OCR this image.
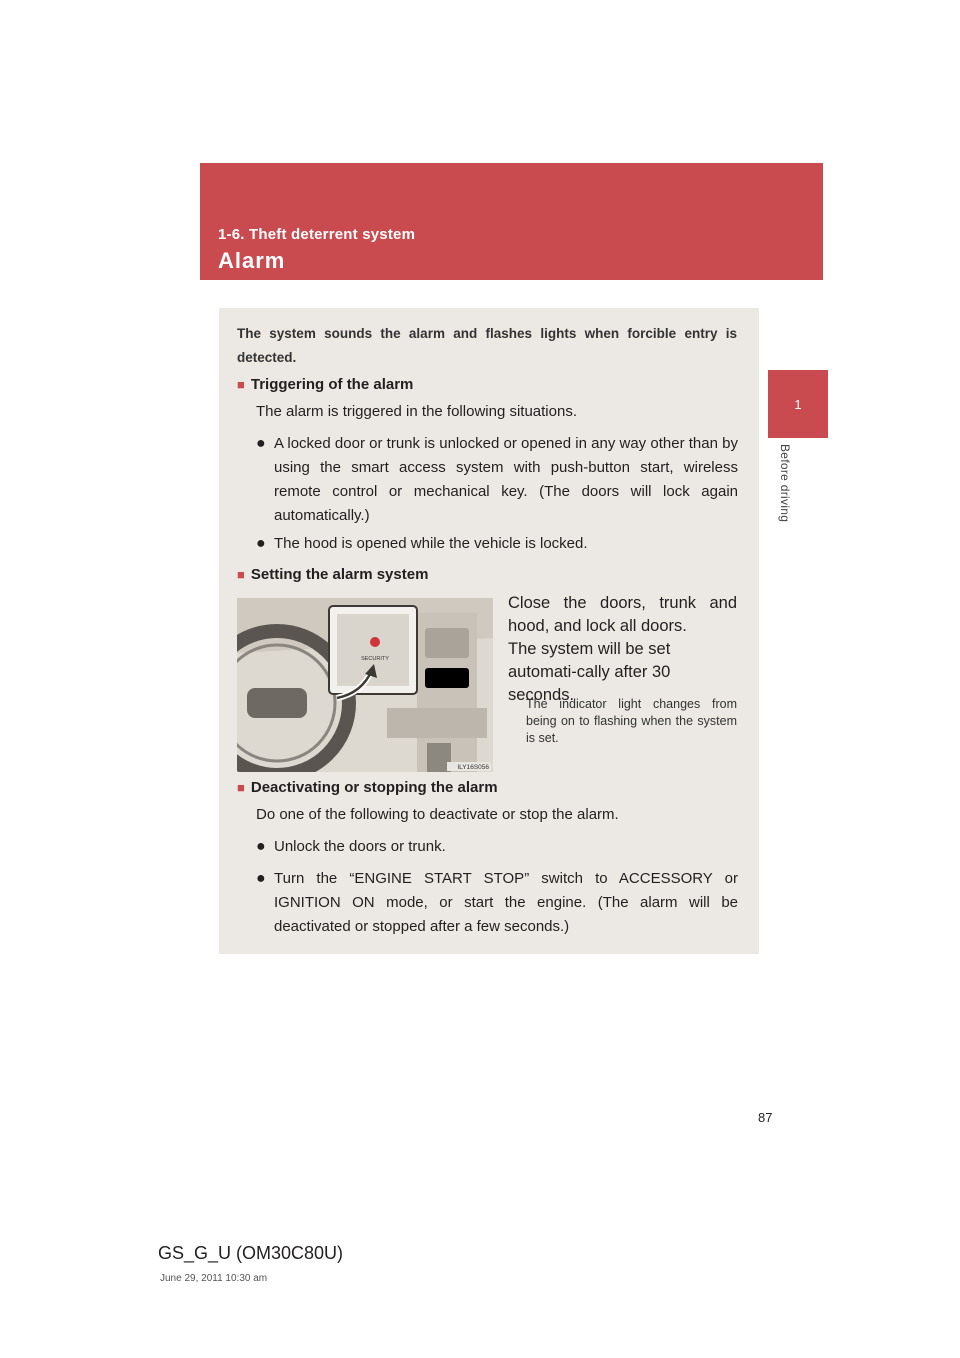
1-6. Theft deterrent system
Alarm
1
Before driving
The system sounds the alarm and flashes lights when forcible entry is detected.
■ Triggering of the alarm
The alarm is triggered in the following situations.
● A locked door or trunk is unlocked or opened in any way other than by using the smart access system with push-button start, wireless remote control or mechanical key. (The doors will lock again automatically.)
● The hood is opened while the vehicle is locked.
■ Setting the alarm system
SECURITY
ILY16S056
Close the doors, trunk and hood, and lock all doors.
The system will be set automati-cally after 30 seconds.
The indicator light changes from being on to flashing when the system is set.
■ Deactivating or stopping the alarm
Do one of the following to deactivate or stop the alarm.
● Unlock the doors or trunk.
● Turn the “ENGINE START STOP” switch to ACCESSORY or IGNITION ON mode, or start the engine. (The alarm will be deactivated or stopped after a few seconds.)
87
GS_G_U (OM30C80U)
June 29, 2011 10:30 am
